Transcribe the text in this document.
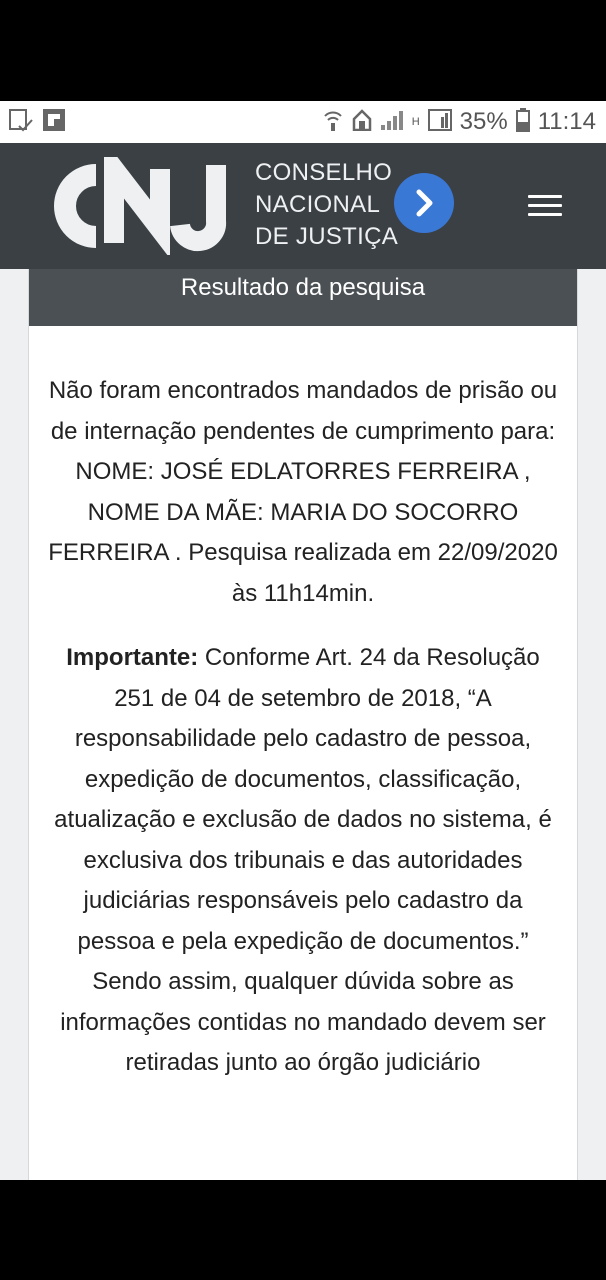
H 35% 11:14
CONSELHO
NACIONAL
DE JUSTIÇA
Resultado da pesquisa

Não foram encontrados mandados de prisão ou de internação pendentes de cumprimento para: NOME: JOSÉ EDLATORRES FERREIRA , NOME DA MÃE: MARIA DO SOCORRO FERREIRA . Pesquisa realizada em 22/09/2020 às 11h14min.

Importante: Conforme Art. 24 da Resolução 251 de 04 de setembro de 2018, “A responsabilidade pelo cadastro de pessoa, expedição de documentos, classificação, atualização e exclusão de dados no sistema, é exclusiva dos tribunais e das autoridades judiciárias responsáveis pelo cadastro da pessoa e pela expedição de documentos.” Sendo assim, qualquer dúvida sobre as informações contidas no mandado devem ser retiradas junto ao órgão judiciário
